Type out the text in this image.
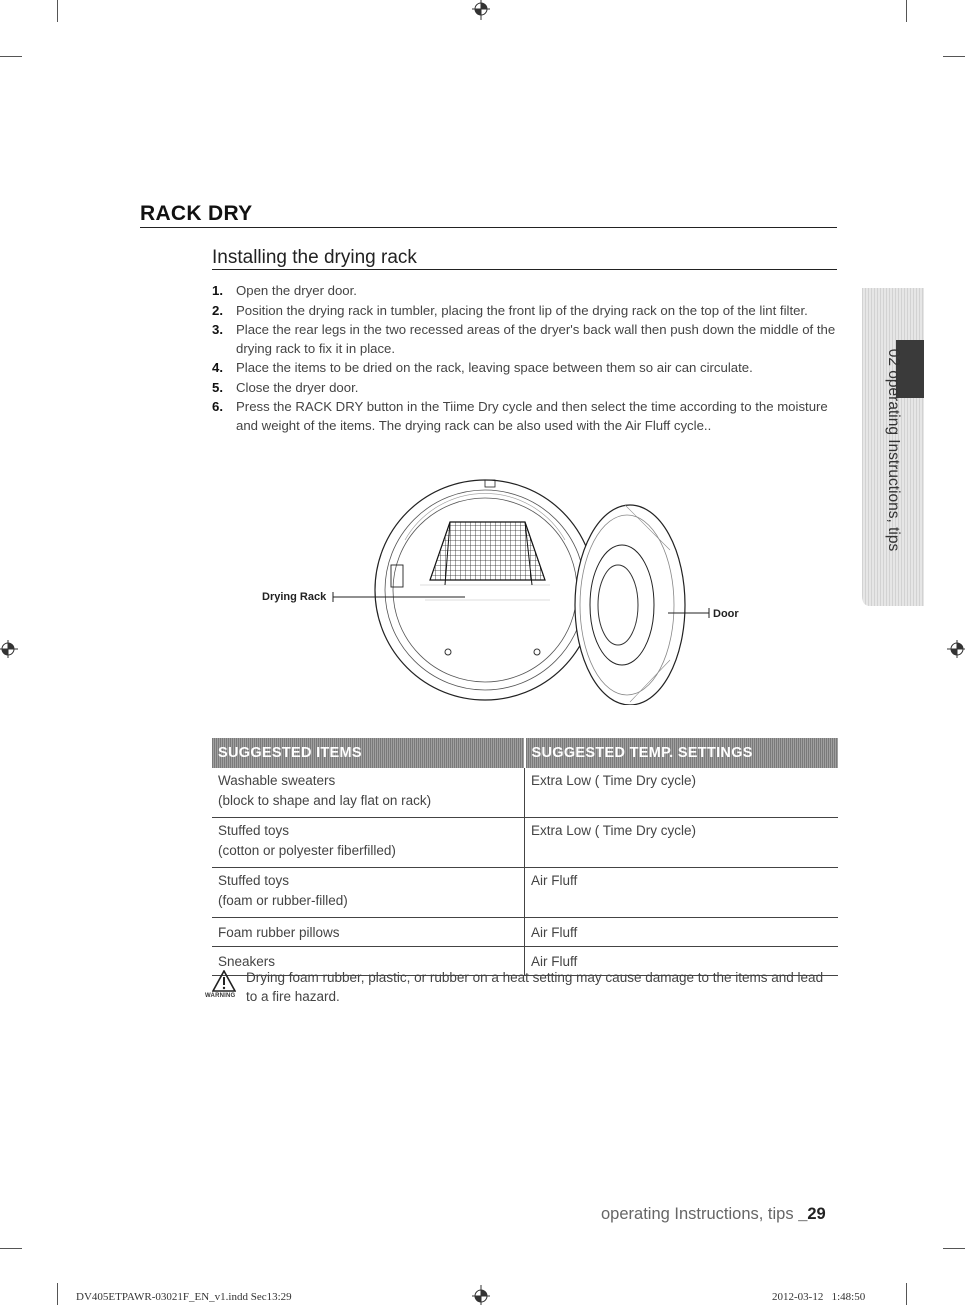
RACK DRY
Installing the drying rack
1. Open the dryer door.
2. Position the drying rack in tumbler, placing the front lip of the drying rack on the top of the lint filter.
3. Place the rear legs in the two recessed areas of the dryer's back wall then push down the middle of the drying rack to fix it in place.
4. Place the items to be dried on the rack, leaving space between them so air can circulate.
5. Close the dryer door.
6. Press the RACK DRY button in the Tiime Dry cycle and then select the time according to the moisture and weight of the items. The drying rack can be also used with the Air Fluff cycle..	02 operating Instructions, tips
Drying Rack
Door
SUGGESTED ITEMS	SUGGESTED TEMP. SETTINGS

Washable sweaters
(block to shape and lay flat on rack)	Extra Low ( Time Dry cycle)

Stuffed toys
(cotton or polyester fiberfilled)	Extra Low ( Time Dry cycle)

Stuffed toys
(foam or rubber-filled)	Air Fluff

Foam rubber pillows	Air Fluff

Sneakers	Air Fluff
WARNING
Drying foam rubber, plastic, or rubber on a heat setting may cause damage to the items and lead to a fire hazard.
operating Instructions, tips _29
DV405ETPAWR-03021F_EN_v1.indd Sec13:29	2012-03-12   1:48:50
